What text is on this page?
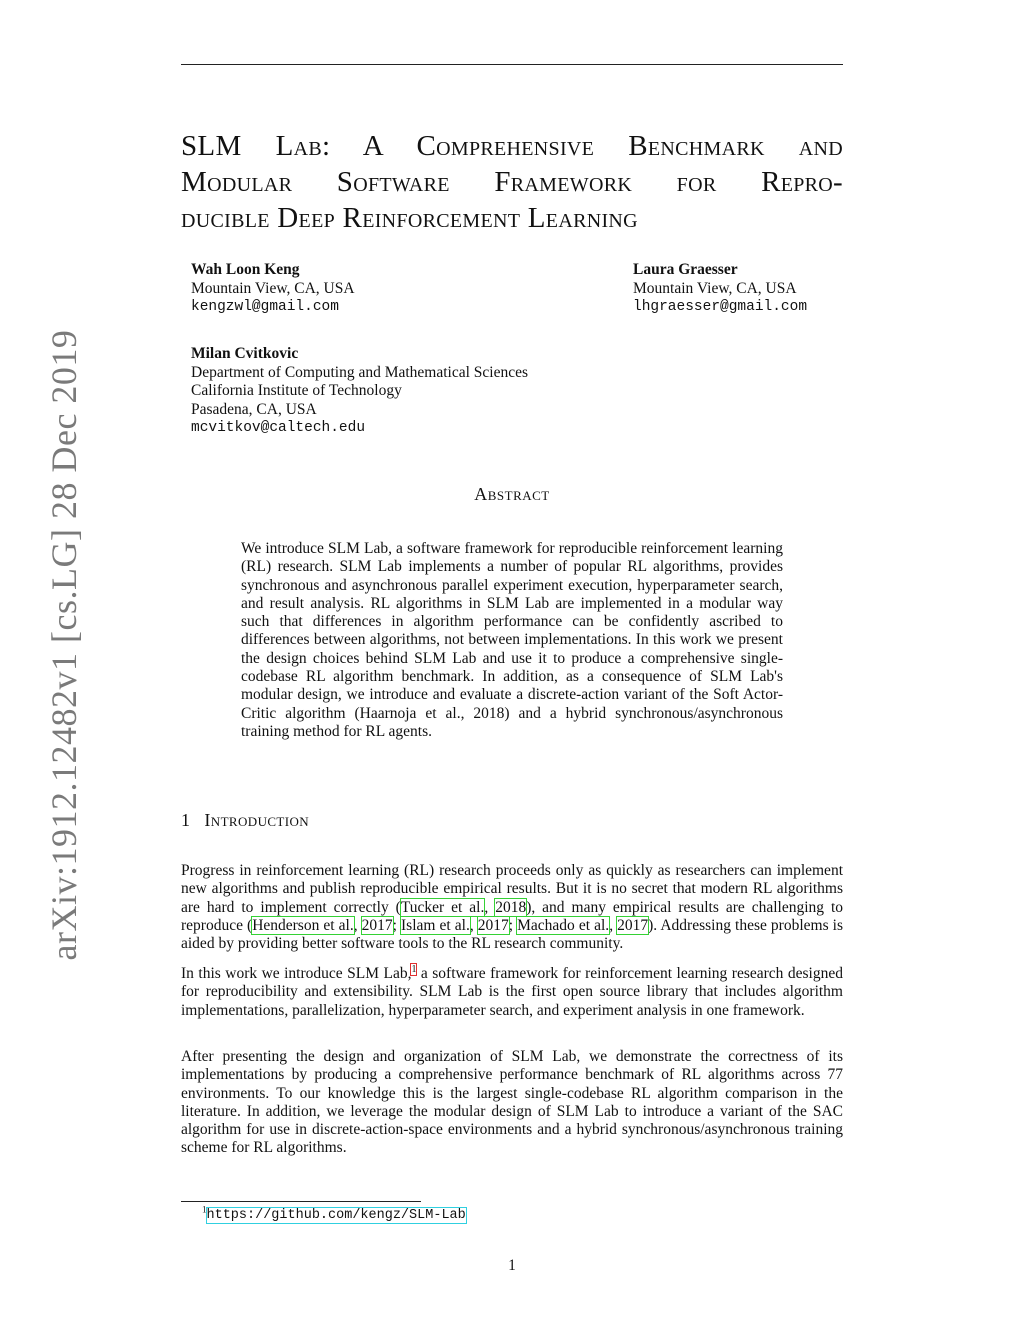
arXiv:1912.12482v1 [cs.LG] 28 Dec 2019
SLM Lab: A Comprehensive Benchmark and
Modular Software Framework for Repro-
ducible Deep Reinforcement Learning
Wah Loon Keng
Mountain View, CA, USA
kengzwl@gmail.com
Laura Graesser
Mountain View, CA, USA
lhgraesser@gmail.com
Milan Cvitkovic
Department of Computing and Mathematical Sciences
California Institute of Technology
Pasadena, CA, USA
mcvitkov@caltech.edu
Abstract
We introduce SLM Lab, a software framework for reproducible reinforcement learning (RL) research. SLM Lab implements a number of popular RL algorithms, provides synchronous and asynchronous parallel experiment execution, hyperparameter search, and result analysis. RL algorithms in SLM Lab are implemented in a modular way such that differences in algorithm performance can be confidently ascribed to differences between algorithms, not between implementations. In this work we present the design choices behind SLM Lab and use it to produce a comprehensive single-codebase RL algorithm benchmark. In addition, as a consequence of SLM Lab's modular design, we introduce and evaluate a discrete-action variant of the Soft Actor-Critic algorithm (Haarnoja et al., 2018) and a hybrid synchronous/asynchronous training method for RL agents.
1 Introduction
Progress in reinforcement learning (RL) research proceeds only as quickly as researchers can implement new algorithms and publish reproducible empirical results. But it is no secret that modern RL algorithms are hard to implement correctly (Tucker et al., 2018), and many empirical results are challenging to reproduce (Henderson et al., 2017; Islam et al., 2017; Machado et al., 2017). Addressing these problems is aided by providing better software tools to the RL research community.
In this work we introduce SLM Lab,$^1$ a software framework for reinforcement learning research designed for reproducibility and extensibility. SLM Lab is the first open source library that includes algorithm implementations, parallelization, hyperparameter search, and experiment analysis in one framework.
After presenting the design and organization of SLM Lab, we demonstrate the correctness of its implementations by producing a comprehensive performance benchmark of RL algorithms across 77 environments. To our knowledge this is the largest single-codebase RL algorithm comparison in the literature. In addition, we leverage the modular design of SLM Lab to introduce a variant of the SAC algorithm for use in discrete-action-space environments and a hybrid synchronous/asynchronous training scheme for RL algorithms.
$^1$https://github.com/kengz/SLM-Lab
1
